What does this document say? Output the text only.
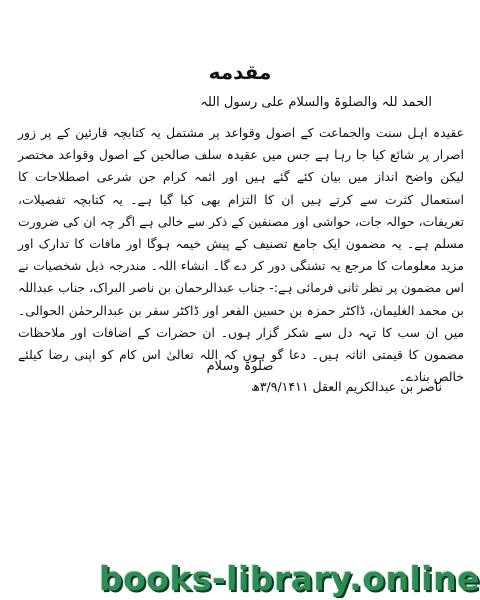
مقدمه
الحمد للہ والصلوۃ والسلام علی رسول اللہ

عقیدہ اہل سنت والجماعت کے اصول وقواعد پر مشتمل یہ کتابچہ قارئین کے پر زور اصرار پر شائع کیا جا رہا ہے جس میں عقیدہ سلف صالحین کے اصول وقواعد مختصر لیکن واضح انداز میں بیان کئے گئے ہیں اور ائمہ کرام جن شرعی اصطلاحات کا استعمال کثرت سے کرتے ہیں ان کا التزام بھی کیا گیا ہے۔ یہ کتابچہ تفصیلات، تعریفات، حوالہ جات، حواشی اور مصنفین کے ذکر سے خالی ہے اگر چہ ان کی ضرورت مسلم ہے۔ یہ مضمون ایک جامع تصنیف کے پیش خیمہ ہوگا اور مافات کا تدارک اور مزید معلومات کا مرجع یہ تشنگی دور کر دے گا۔ انشاء اللہ۔ مندرجہ ذیل شخصیات نے اس مضمون پر نظر ثانی فرمائی ہے:- جناب عبدالرحمان بن ناصر البراک، جناب عبداللہ بن محمد الغلیمان، ڈاکٹر حمزہ بن حسین الفعر اور ڈاکٹر سفر بن عبدالرحمٰن الحوالی۔ میں ان سب کا تہہ دل سے شکر گزار ہوں۔ ان حضرات کے اضافات اور ملاحظات مضمون کا قیمتی اثاثہ ہیں۔ دعا گو ہوں کہ اللہ تعالیٰ اس کام کو اپنی رضا کیلئے خالص بنادے۔

صلوۃ وسلام
ناصر بن عبدالکریم العقل ۳/۹/۱۴۱۱ھ
books-library.online
